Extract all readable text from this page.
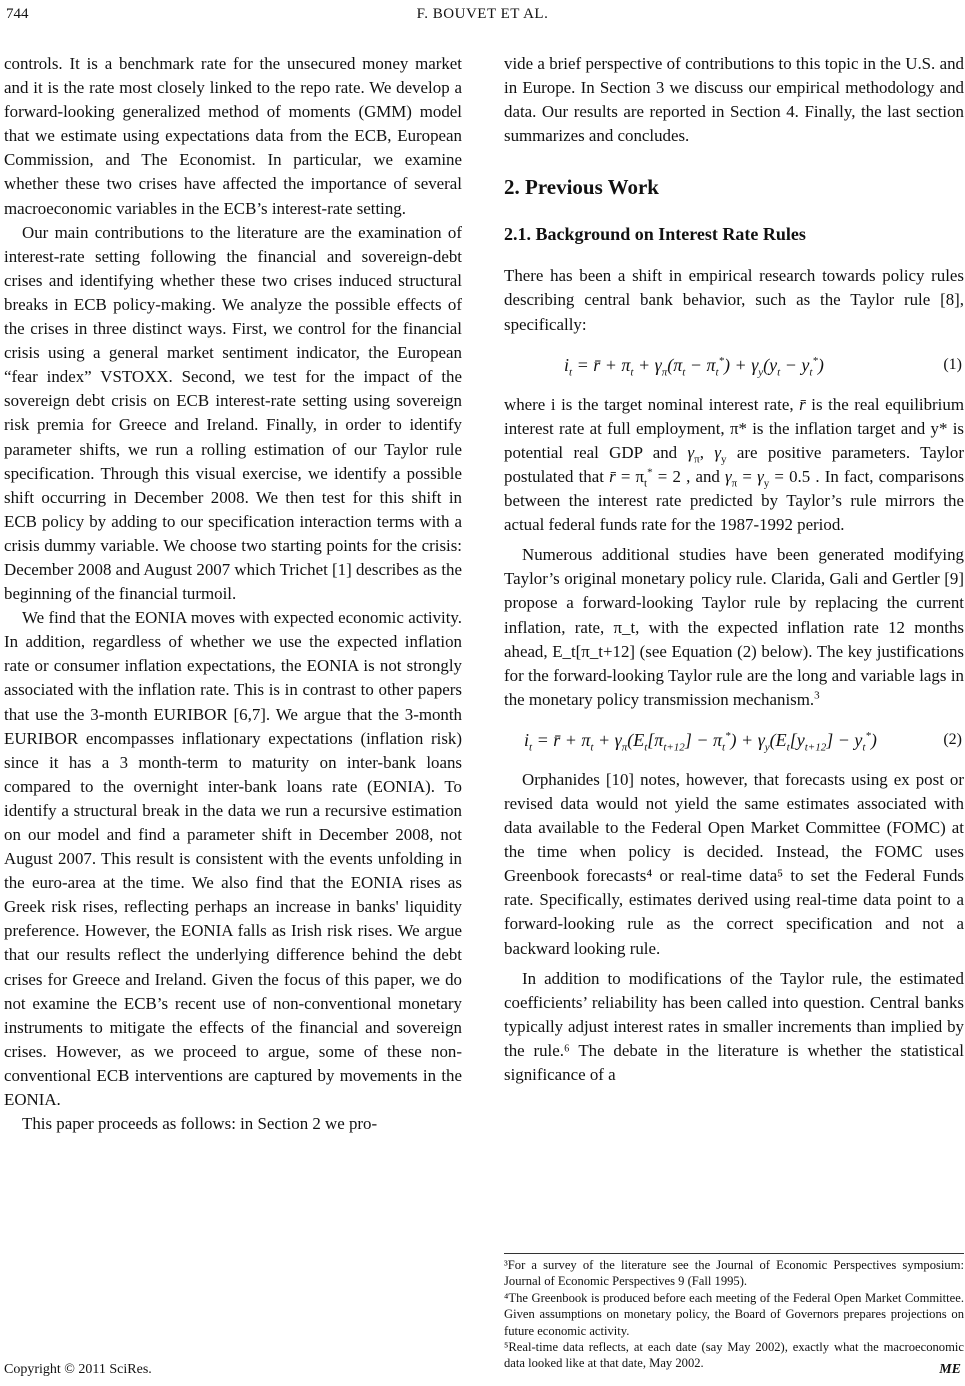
744	F. BOUVET ET AL.

controls. It is a benchmark rate for the unsecured money market and it is the rate most closely linked to the repo rate. We develop a forward-looking generalized method of moments (GMM) model that we estimate using expectations data from the ECB, European Commission, and The Economist. In particular, we examine whether these two crises have affected the importance of several macroeconomic variables in the ECB’s interest-rate setting.

Our main contributions to the literature are the examination of interest-rate setting following the financial and sovereign-debt crises and identifying whether these two crises induced structural breaks in ECB policy-making. We analyze the possible effects of the crises in three distinct ways. First, we control for the financial crisis using a general market sentiment indicator, the European “fear index” VSTOXX. Second, we test for the impact of the sovereign debt crisis on ECB interest-rate setting using sovereign risk premia for Greece and Ireland. Finally, in order to identify parameter shifts, we run a rolling estimation of our Taylor rule specification. Through this visual exercise, we identify a possible shift occurring in December 2008. We then test for this shift in ECB policy by adding to our specification interaction terms with a crisis dummy variable. We choose two starting points for the crisis: December 2008 and August 2007 which Trichet [1] describes as the beginning of the financial turmoil.

We find that the EONIA moves with expected economic activity. In addition, regardless of whether we use the expected inflation rate or consumer inflation expectations, the EONIA is not strongly associated with the inflation rate. This is in contrast to other papers that use the 3-month EURIBOR [6,7]. We argue that the 3-month EURIBOR encompasses inflationary expectations (inflation risk) since it has a 3 month-term to maturity on inter-bank loans compared to the overnight inter-bank loans rate (EONIA). To identify a structural break in the data we run a recursive estimation on our model and find a parameter shift in December 2008, not August 2007. This result is consistent with the events unfolding in the euro-area at the time. We also find that the EONIA rises as Greek risk rises, reflecting perhaps an increase in banks' liquidity preference. However, the EONIA falls as Irish risk rises. We argue that our results reflect the underlying difference behind the debt crises for Greece and Ireland. Given the focus of this paper, we do not examine the ECB’s recent use of non-conventional monetary instruments to mitigate the effects of the financial and sovereign crises. However, as we proceed to argue, some of these non-conventional ECB interventions are captured by movements in the EONIA.

This paper proceeds as follows: in Section 2 we pro-

vide a brief perspective of contributions to this topic in the U.S. and in Europe. In Section 3 we discuss our empirical methodology and data. Our results are reported in Section 4. Finally, the last section summarizes and concludes.

2. Previous Work
2.1. Background on Interest Rate Rules

There has been a shift in empirical research towards policy rules describing central bank behavior, such as the Taylor rule [8], specifically:

$i_t$ = r̄ + $\pi_t + \gamma_\pi(\pi_t - \pi_t^*) + \gamma_y(y_t - y_t^*)$	(1)

where i is the target nominal interest rate, r̄ is the real equilibrium interest rate at full employment, π* is the inflation target and y* is potential real GDP and $\gamma_\pi$, $\gamma_y$ are positive parameters. Taylor postulated that r̄ = $\pi_t^* = 2$ , and $\gamma_\pi = \gamma_y = 0.5$ . In fact, comparisons between the interest rate predicted by Taylor’s rule mirrors the actual federal funds rate for the 1987-1992 period.

Numerous additional studies have been generated modifying Taylor’s original monetary policy rule. Clarida, Gali and Gertler [9] propose a forward-looking Taylor rule by replacing the current inflation, rate, π_t, with the expected inflation rate 12 months ahead, E_t[π_t+12] (see Equation (2) below). The key justifications for the forward-looking Taylor rule are the long and variable lags in the monetary policy transmission mechanism.$^3$

$i_t$ = r̄ + $\pi_t + \gamma_\pi(E_t[\pi_{t+12}] - \pi_t^*) + \gamma_y(E_t[y_{t+12}] - y_t^*)$	(2)

Orphanides [10] notes, however, that forecasts using ex post or revised data would not yield the same estimates associated with data available to the Federal Open Market Committee (FOMC) at the time when policy is decided. Instead, the FOMC uses Greenbook forecasts⁴ or real-time data⁵ to set the Federal Funds rate. Specifically, estimates derived using real-time data point to a forward-looking rule as the correct specification and not a backward looking rule.

In addition to modifications of the Taylor rule, the estimated coefficients’ reliability has been called into question. Central banks typically adjust interest rates in smaller increments than implied by the rule.⁶ The debate in the literature is whether the statistical significance of a

³For a survey of the literature see the Journal of Economic Perspectives symposium: Journal of Economic Perspectives 9 (Fall 1995).

⁴The Greenbook is produced before each meeting of the Federal Open Market Committee. Given assumptions on monetary policy, the Board of Governors prepares projections on future economic activity.

⁵Real-time data reflects, at each date (say May 2002), exactly what the macroeconomic data looked like at that date, May 2002.

Copyright © 2011 SciRes.	ME
